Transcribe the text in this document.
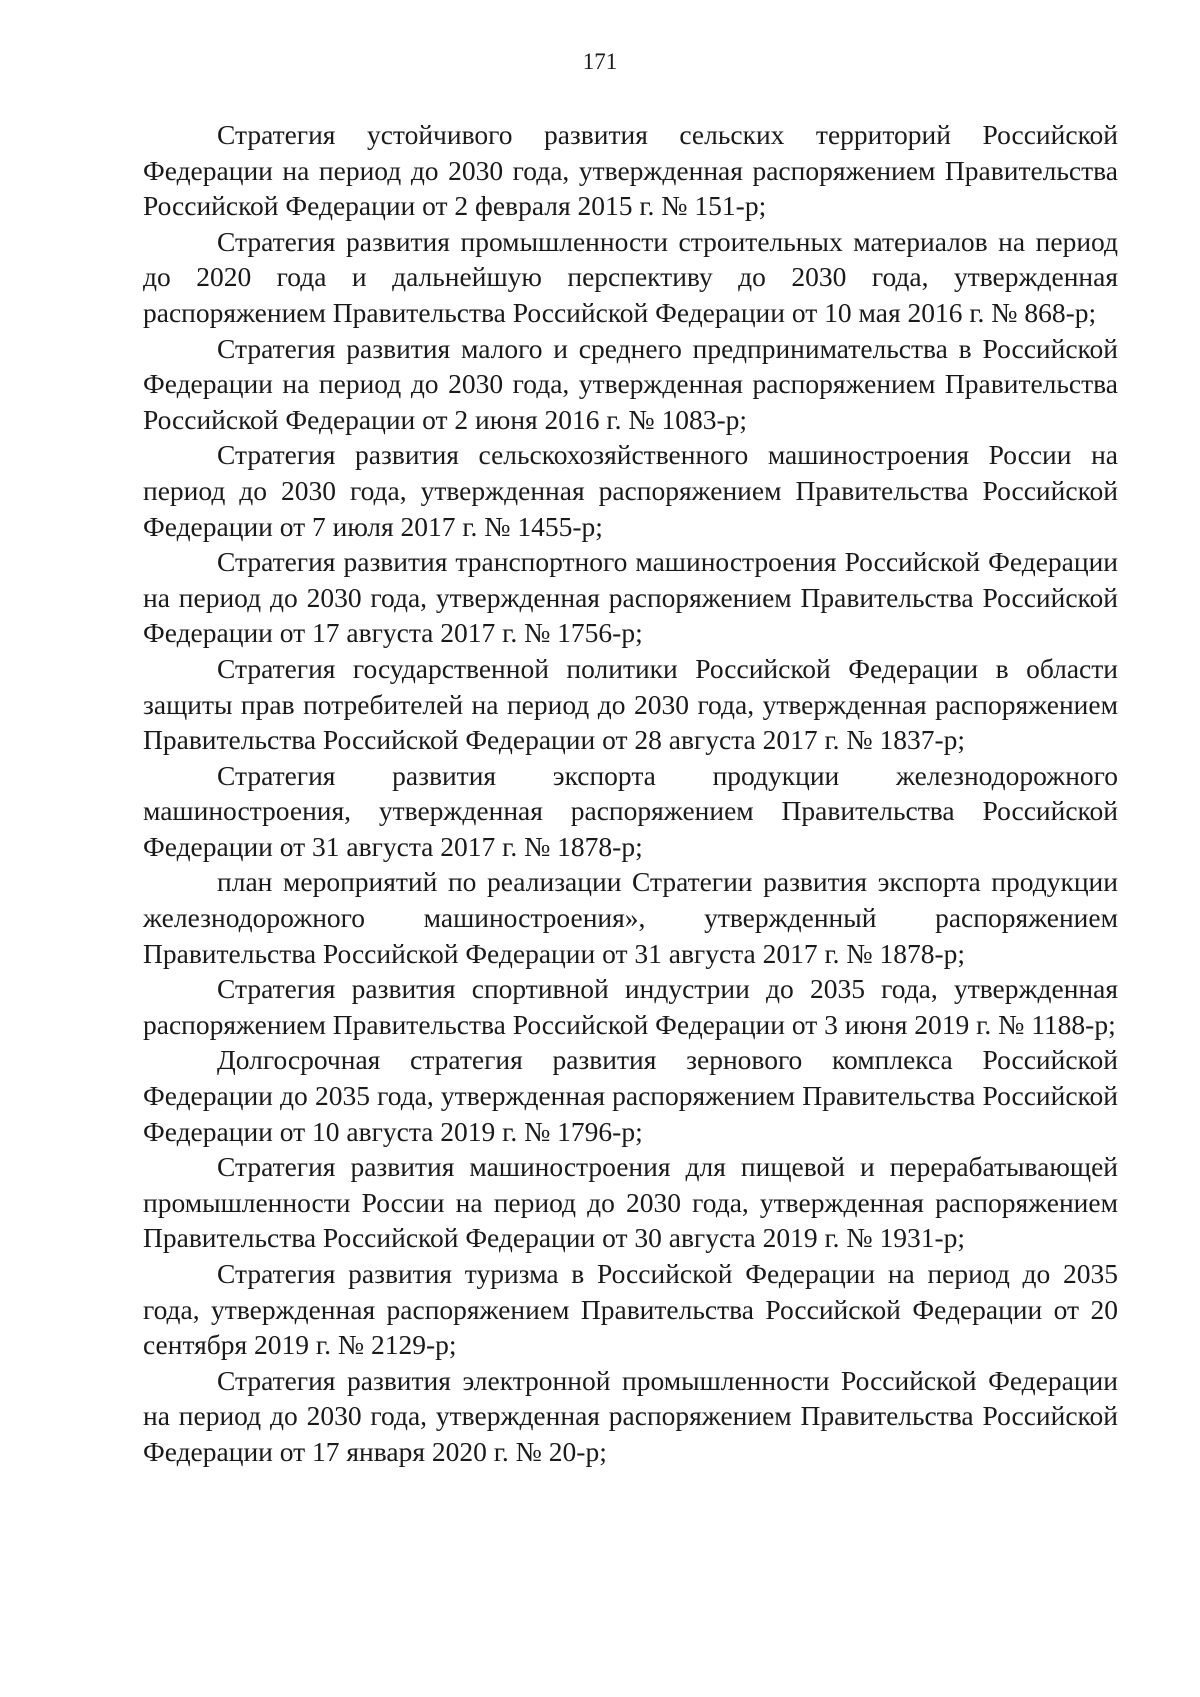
171

Стратегия устойчивого развития сельских территорий Российской Федерации на период до 2030 года, утвержденная распоряжением Правительства Российской Федерации от 2 февраля 2015 г. № 151-р;

Стратегия развития промышленности строительных материалов на период до 2020 года и дальнейшую перспективу до 2030 года, утвержденная распоряжением Правительства Российской Федерации от 10 мая 2016 г. № 868-р;

Стратегия развития малого и среднего предпринимательства в Российской Федерации на период до 2030 года, утвержденная распоряжением Правительства Российской Федерации от 2 июня 2016 г. № 1083-р;

Стратегия развития сельскохозяйственного машиностроения России на период до 2030 года, утвержденная распоряжением Правительства Российской Федерации от 7 июля 2017 г. № 1455-р;

Стратегия развития транспортного машиностроения Российской Федерации на период до 2030 года, утвержденная распоряжением Правительства Российской Федерации от 17 августа 2017 г. № 1756-р;

Стратегия государственной политики Российской Федерации в области защиты прав потребителей на период до 2030 года, утвержденная распоряжением Правительства Российской Федерации от 28 августа 2017 г. № 1837-р;

Стратегия развития экспорта продукции железнодорожного машиностроения, утвержденная распоряжением Правительства Российской Федерации от 31 августа 2017 г. № 1878-р;

план мероприятий по реализации Стратегии развития экспорта продукции железнодорожного машиностроения», утвержденный распоряжением Правительства Российской Федерации от 31 августа 2017 г. № 1878-р;

Стратегия развития спортивной индустрии до 2035 года, утвержденная распоряжением Правительства Российской Федерации от 3 июня 2019 г. № 1188-р;

Долгосрочная стратегия развития зернового комплекса Российской Федерации до 2035 года, утвержденная распоряжением Правительства Российской Федерации от 10 августа 2019 г. № 1796-р;

Стратегия развития машиностроения для пищевой и перерабатывающей промышленности России на период до 2030 года, утвержденная распоряжением Правительства Российской Федерации от 30 августа 2019 г. № 1931-р;

Стратегия развития туризма в Российской Федерации на период до 2035 года, утвержденная распоряжением Правительства Российской Федерации от 20 сентября 2019 г. № 2129-р;

Стратегия развития электронной промышленности Российской Федерации на период до 2030 года, утвержденная распоряжением Правительства Российской Федерации от 17 января 2020 г. № 20-р;
